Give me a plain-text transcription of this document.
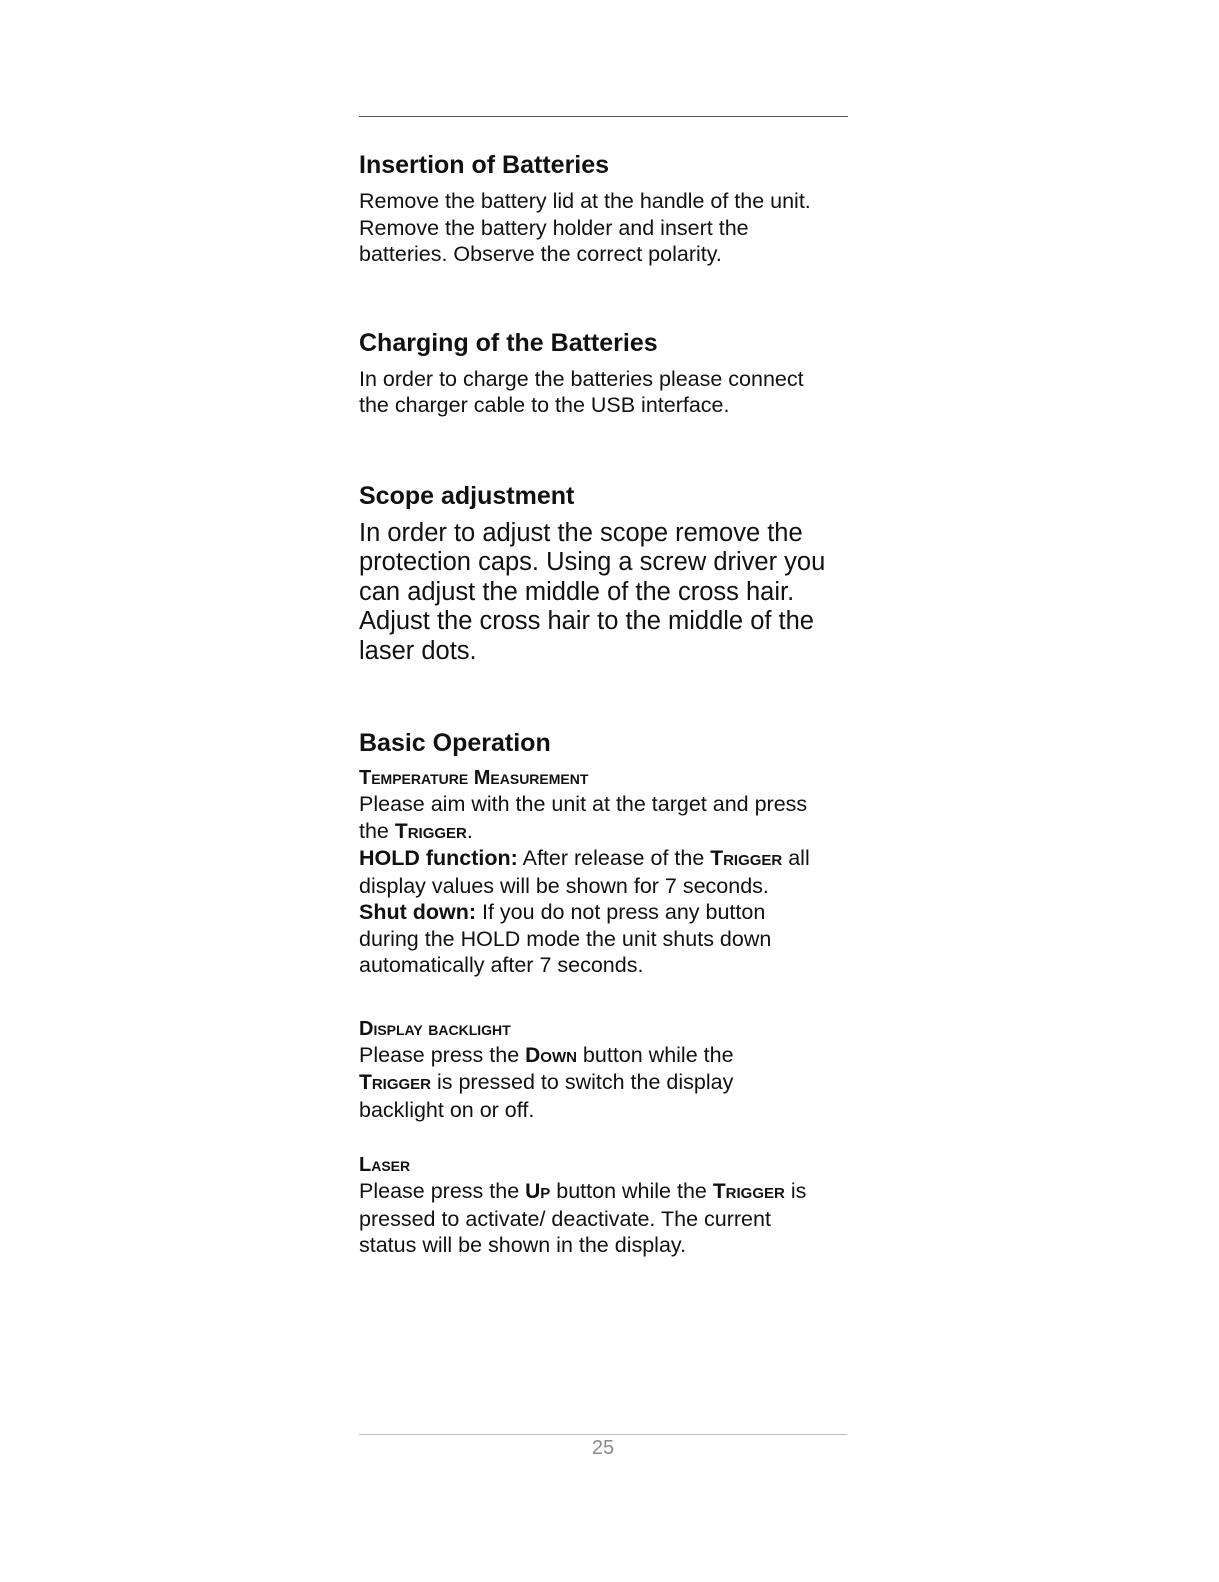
Insertion of Batteries

Remove the battery lid at the handle of the unit.
Remove the battery holder and insert the
batteries. Observe the correct polarity.

Charging of the Batteries

In order to charge the batteries please connect
the charger cable to the USB interface.

Scope adjustment

In order to adjust the scope remove the
protection caps. Using a screw driver you
can adjust the middle of the cross hair.
Adjust the cross hair to the middle of the
laser dots.

Basic Operation
Temperature Measurement

Please aim with the unit at the target and press
the Trigger.
HOLD function: After release of the Trigger all
display values will be shown for 7 seconds.
Shut down: If you do not press any button
during the HOLD mode the unit shuts down
automatically after 7 seconds.

Display backlight

Please press the Down button while the
Trigger is pressed to switch the display
backlight on or off.

Laser

Please press the Up button while the Trigger is
pressed to activate/ deactivate. The current
status will be shown in the display.

25
